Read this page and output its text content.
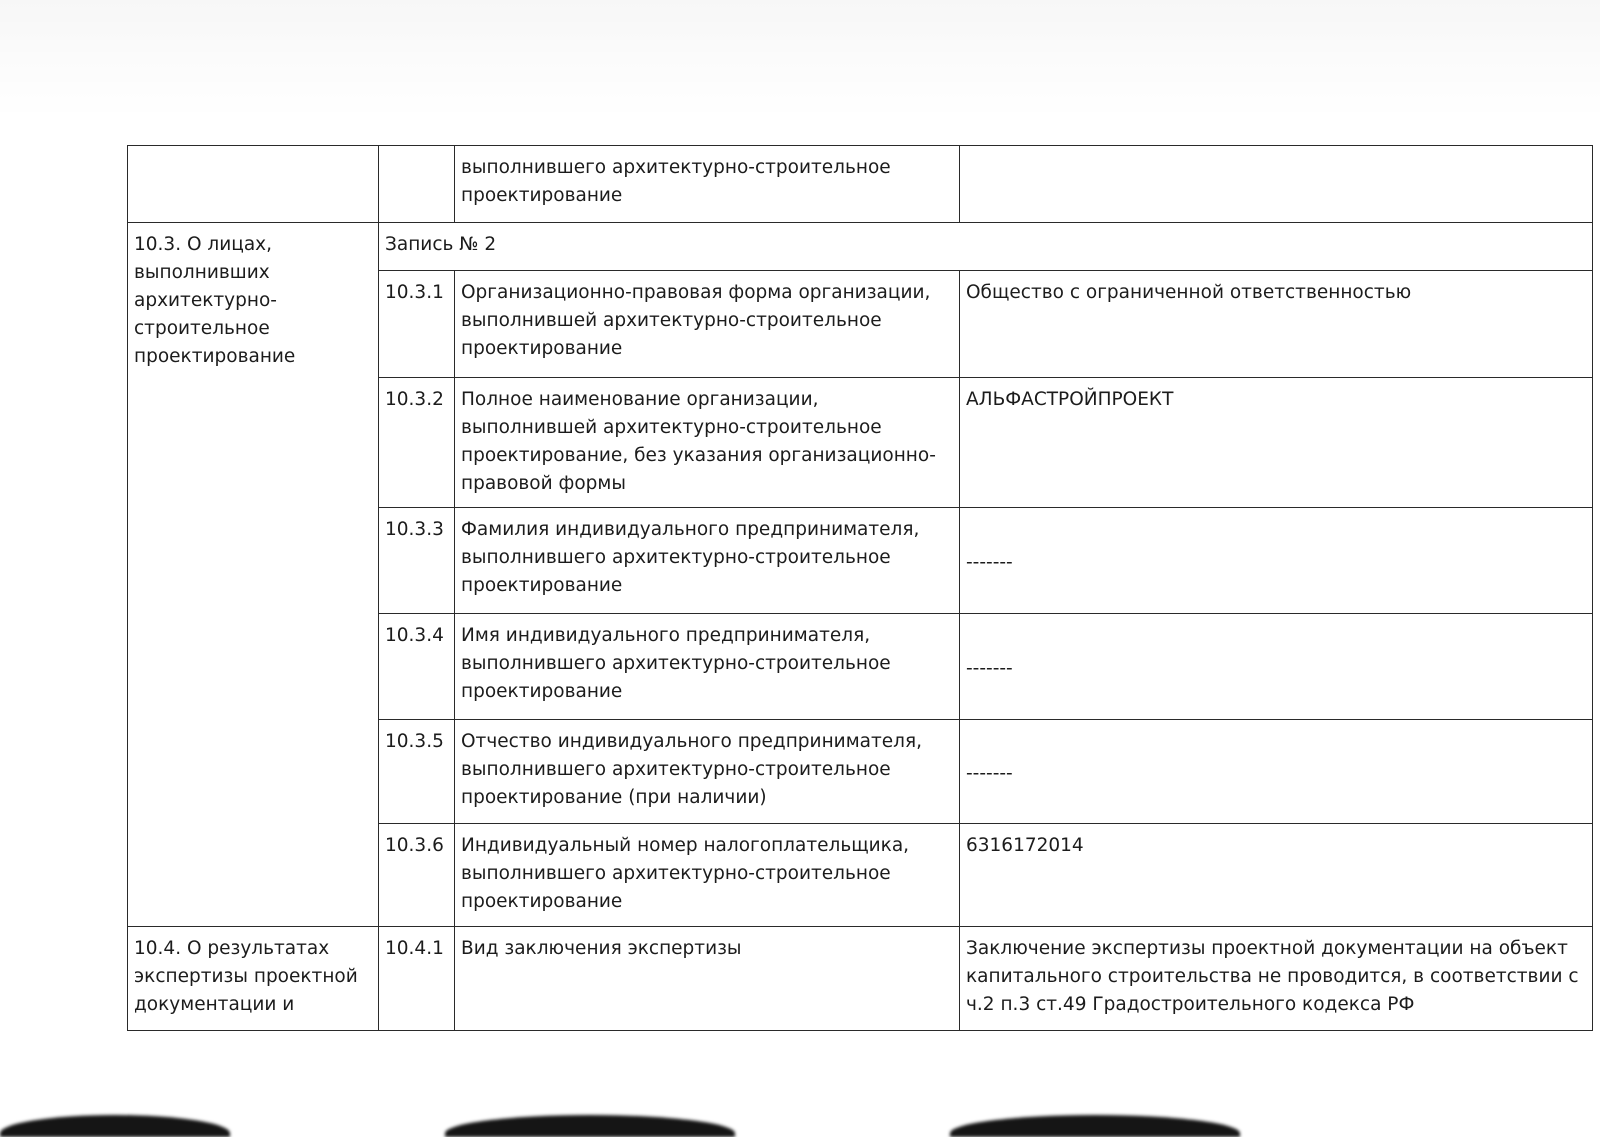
		выполнившего архитектурно-строительное проектирование	
10.3. О лицах, выполнивших архитектурно-строительное проектирование	Запись № 2		
	10.3.1	Организационно-правовая форма организации, выполнившей архитектурно-строительное проектирование	Общество с ограниченной ответственностью
	10.3.2	Полное наименование организации, выполнившей архитектурно-строительное проектирование, без указания организационно-правовой формы	АЛЬФАСТРОЙПРОЕКТ
	10.3.3	Фамилия индивидуального предпринимателя, выполнившего архитектурно-строительное проектирование	-------
	10.3.4	Имя индивидуального предпринимателя, выполнившего архитектурно-строительное проектирование	-------
	10.3.5	Отчество индивидуального предпринимателя, выполнившего архитектурно-строительное проектирование (при наличии)	-------
	10.3.6	Индивидуальный номер налогоплательщика, выполнившего архитектурно-строительное проектирование	6316172014
10.4. О результатах экспертизы проектной документации и	10.4.1	Вид заключения экспертизы	Заключение экспертизы проектной документации на объект капитального строительства не проводится, в соответствии с ч.2 п.3 ст.49 Градостроительного кодекса РФ
